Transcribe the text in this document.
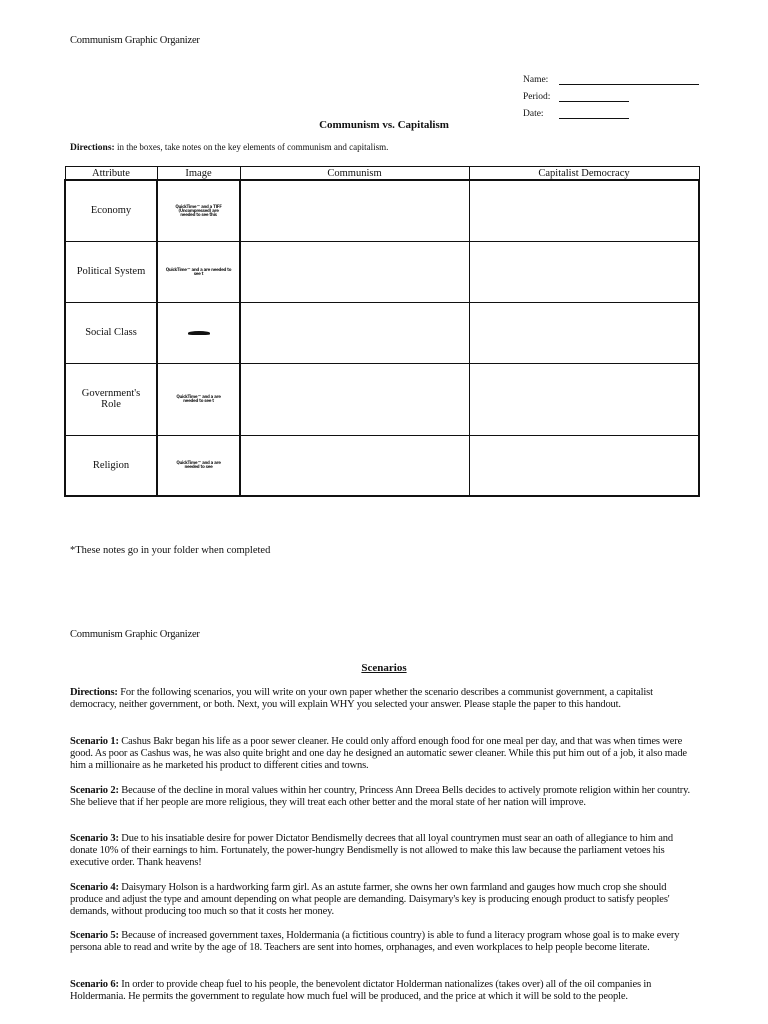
Communism Graphic Organizer
Name:
Period:
Date:
Communism vs. Capitalism
Directions: in the boxes, take notes on the key elements of communism and capitalism.
Attribute	Image	Communism	Capitalist Democracy
Economy	QuickTime™ and a TIFF (Uncompressed) are needed to see this		

Political System	QuickTime™ and a are needed to see t		

Social Class			
Government's Role	QuickTime™ and a are needed to see t		

Religion	QuickTime™ and a are needed to see		

*These notes go in your folder when completed
Communism Graphic Organizer
Scenarios
Directions: For the following scenarios, you will write on your own paper whether the scenario describes a communist government, a capitalist democracy, neither government, or both. Next, you will explain WHY you selected your answer. Please staple the paper to this handout.
Scenario 1: Cashus Bakr began his life as a poor sewer cleaner. He could only afford enough food for one meal per day, and that was when times were good. As poor as Cashus was, he was also quite bright and one day he designed an automatic sewer cleaner. While this put him out of a job, it also made him a millionaire as he marketed his product to different cities and towns.
Scenario 2: Because of the decline in moral values within her country, Princess Ann Dreea Bells decides to actively promote religion within her country. She believe that if her people are more religious, they will treat each other better and the moral state of her nation will improve.
Scenario 3: Due to his insatiable desire for power Dictator Bendismelly decrees that all loyal countrymen must sear an oath of allegiance to him and donate 10% of their earnings to him. Fortunately, the power-hungry Bendismelly is not allowed to make this law because the parliament vetoes his executive order. Thank heavens!
Scenario 4: Daisymary Holson is a hardworking farm girl. As an astute farmer, she owns her own farmland and gauges how much crop she should produce and adjust the type and amount depending on what people are demanding. Daisymary's key is producing enough product to satisfy peoples' demands, without producing too much so that it costs her money.
Scenario 5: Because of increased government taxes, Holdermania (a fictitious country) is able to fund a literacy program whose goal is to make every persona able to read and write by the age of 18. Teachers are sent into homes, orphanages, and even workplaces to help people become literate.
Scenario 6: In order to provide cheap fuel to his people, the benevolent dictator Holderman nationalizes (takes over) all of the oil companies in Holdermania. He permits the government to regulate how much fuel will be produced, and the price at which it will be sold to the people.
